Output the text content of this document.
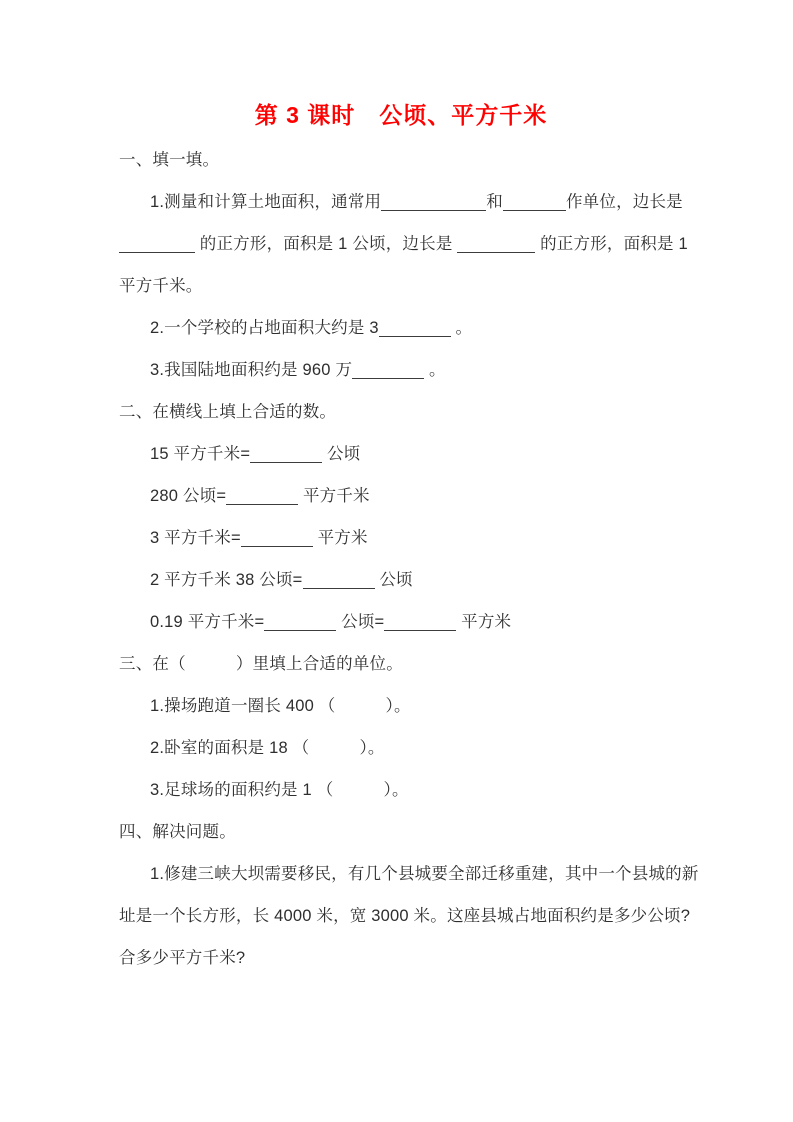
第 3 课时　公顷、平方千米
一、填一填。
1.测量和计算土地面积，通常用	和	作单位，边长是
的正方形，面积是 1 公顷，边长是	的正方形，面积是 1
平方千米。
2.一个学校的占地面积大约是 3	。
3.我国陆地面积约是 960 万	。
二、在横线上填上合适的数。
15 平方千米=	公顷
280 公顷=	平方千米
3 平方千米=	平方米
2 平方千米 38 公顷=	公顷
0.19 平方千米=	公顷=	平方米
三、在（　　　）里填上合适的单位。
1.操场跑道一圈长 400 （　　　）。
2.卧室的面积是 18 （　　　）。
3.足球场的面积约是 1 （　　　）。
四、解决问题。
1.修建三峡大坝需要移民，有几个县城要全部迁移重建，其中一个县城的新
址是一个长方形，长 4000 米，宽 3000 米。这座县城占地面积约是多少公顷?
合多少平方千米?
